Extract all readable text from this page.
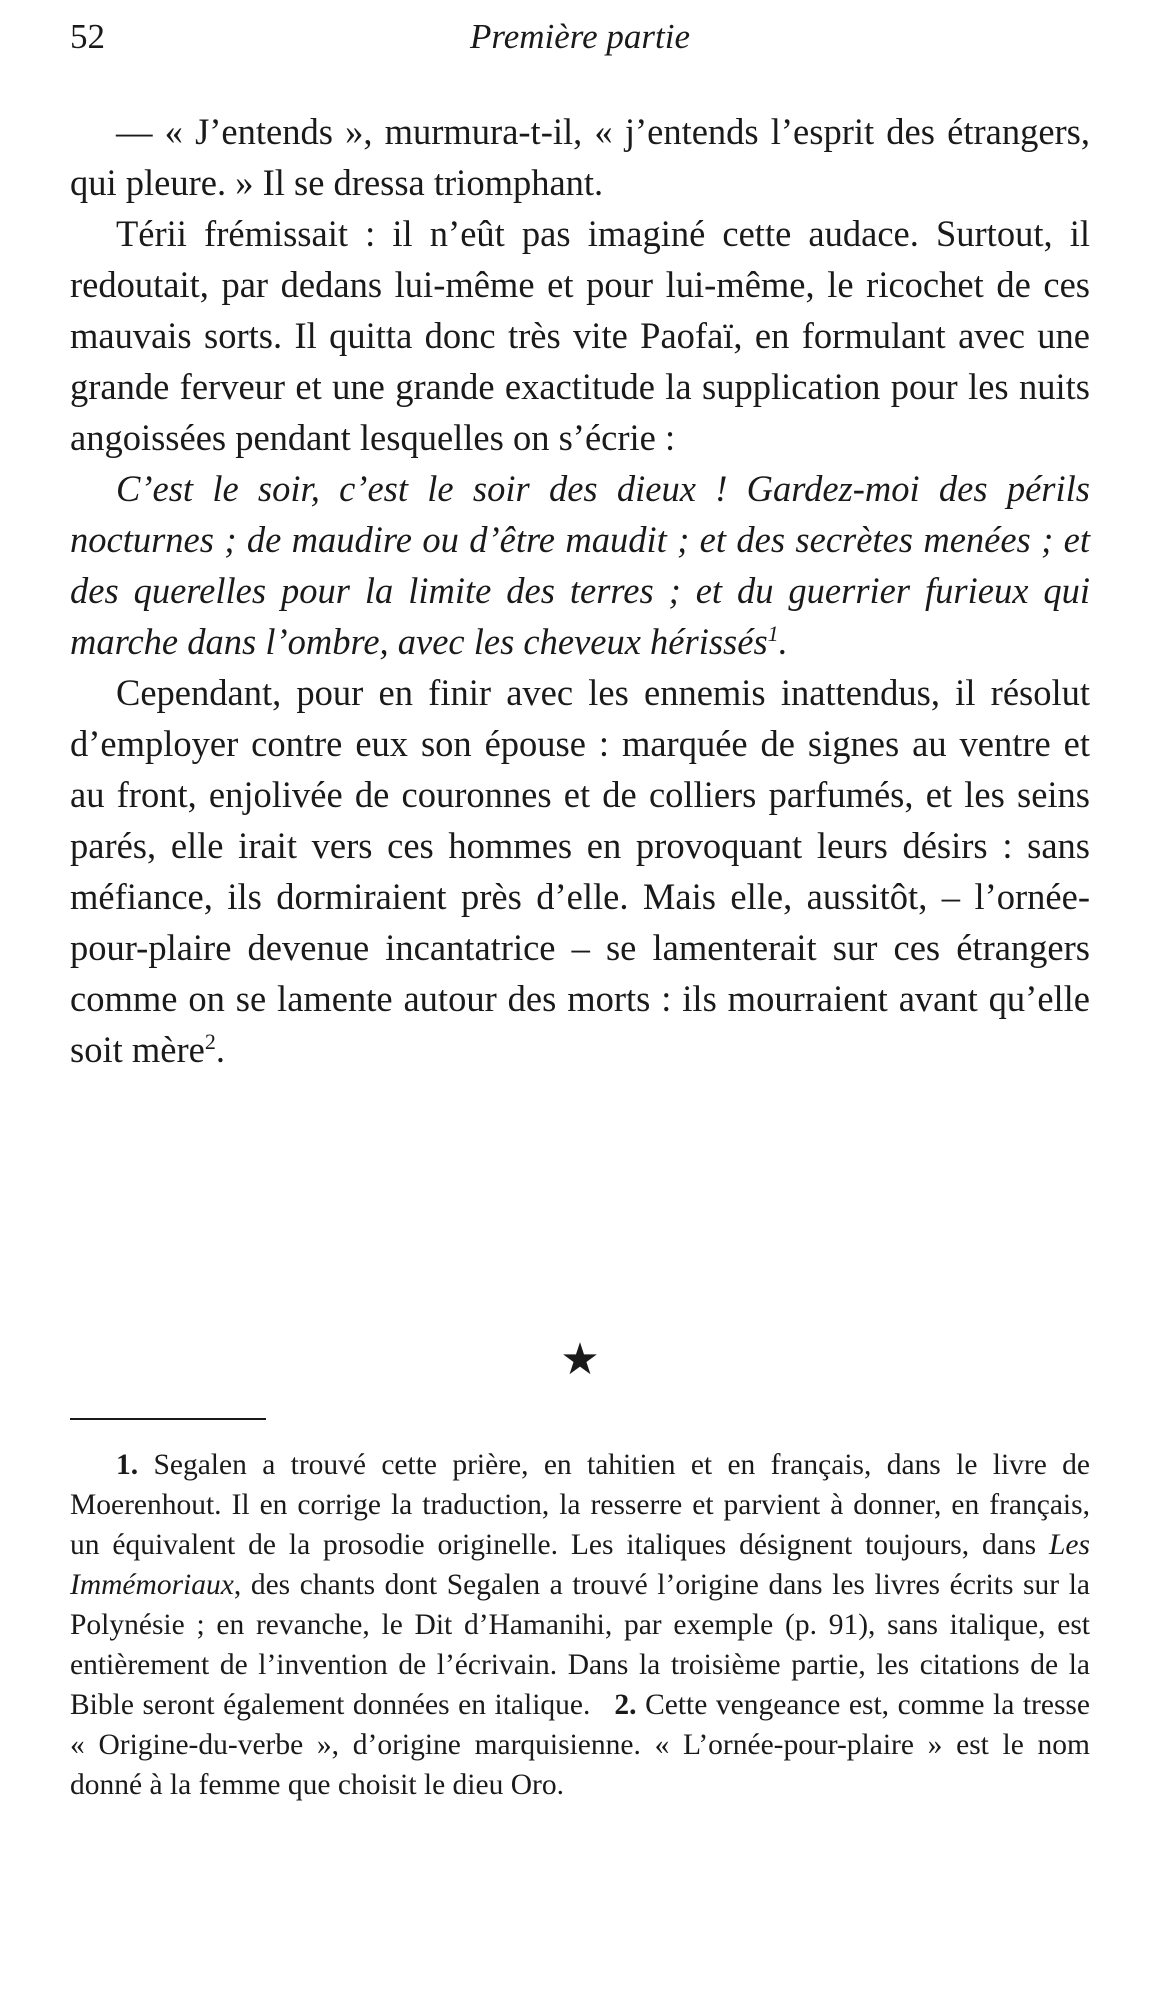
52	Première partie

— « J’entends », murmura-t-il, « j’entends l’esprit des étrangers, qui pleure. » Il se dressa triomphant.

Térii frémissait : il n’eût pas imaginé cette audace. Surtout, il redoutait, par dedans lui-même et pour lui-même, le ricochet de ces mauvais sorts. Il quitta donc très vite Paofaï, en formulant avec une grande ferveur et une grande exactitude la supplication pour les nuits angoissées pendant lesquelles on s’écrie :

C’est le soir, c’est le soir des dieux ! Gardez-moi des périls nocturnes ; de maudire ou d’être maudit ; et des secrètes menées ; et des querelles pour la limite des terres ; et du guerrier furieux qui marche dans l’ombre, avec les cheveux hérissés$^1$.

Cependant, pour en finir avec les ennemis inattendus, il résolut d’employer contre eux son épouse : marquée de signes au ventre et au front, enjolivée de couronnes et de colliers parfumés, et les seins parés, elle irait vers ces hommes en provoquant leurs désirs : sans méfiance, ils dormiraient près d’elle. Mais elle, aussitôt, – l’ornée-pour-plaire devenue incantatrice – se lamenterait sur ces étrangers comme on se lamente autour des morts : ils mourraient avant qu’elle soit mère$^2$.

★
1. Segalen a trouvé cette prière, en tahitien et en français, dans le livre de Moerenhout. Il en corrige la traduction, la resserre et parvient à donner, en français, un équivalent de la prosodie originelle. Les italiques désignent toujours, dans Les Immémoriaux, des chants dont Segalen a trouvé l’origine dans les livres écrits sur la Polynésie ; en revanche, le Dit d’Hamanihi, par exemple (p. 91), sans italique, est entièrement de l’invention de l’écrivain. Dans la troisième partie, les citations de la Bible seront également données en italique. 2. Cette vengeance est, comme la tresse « Origine-du-verbe », d’origine marquisienne. « L’ornée-pour-plaire » est le nom donné à la femme que choisit le dieu Oro.
